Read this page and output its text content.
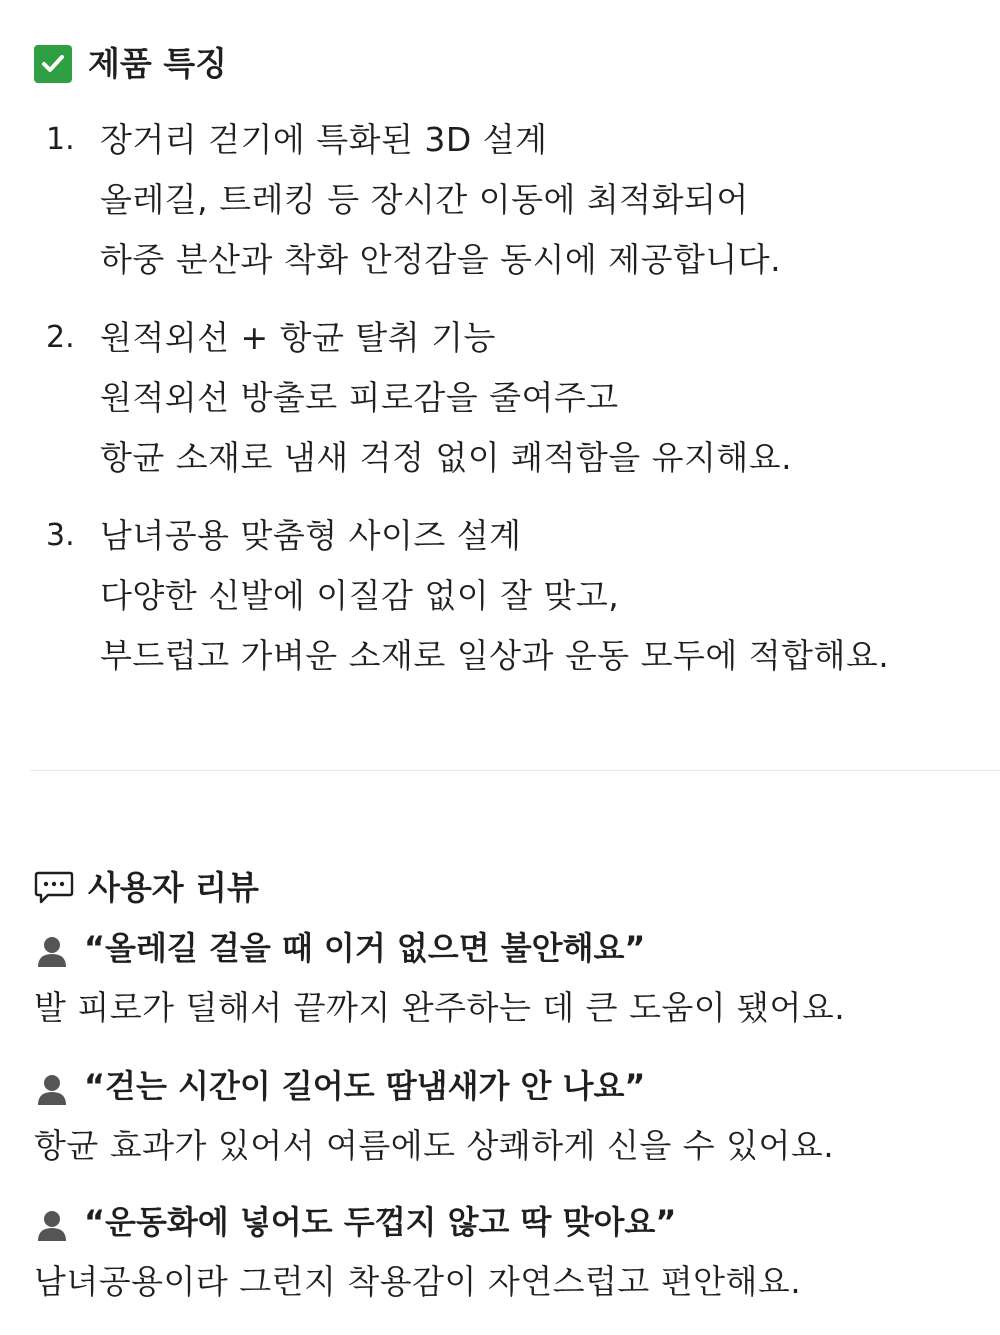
제품 특징
1. 장거리 걷기에 특화된 3D 설계
올레길, 트레킹 등 장시간 이동에 최적화되어
하중 분산과 착화 안정감을 동시에 제공합니다.
2. 원적외선 + 항균 탈취 기능
원적외선 방출로 피로감을 줄여주고
항균 소재로 냄새 걱정 없이 쾌적함을 유지해요.
3. 남녀공용 맞춤형 사이즈 설계
다양한 신발에 이질감 없이 잘 맞고,
부드럽고 가벼운 소재로 일상과 운동 모두에 적합해요.
사용자 리뷰
“올레길 걸을 때 이거 없으면 불안해요”
발 피로가 덜해서 끝까지 완주하는 데 큰 도움이 됐어요.
“걷는 시간이 길어도 땀냄새가 안 나요”
항균 효과가 있어서 여름에도 상쾌하게 신을 수 있어요.
“운동화에 넣어도 두껍지 않고 딱 맞아요”
남녀공용이라 그런지 착용감이 자연스럽고 편안해요.
